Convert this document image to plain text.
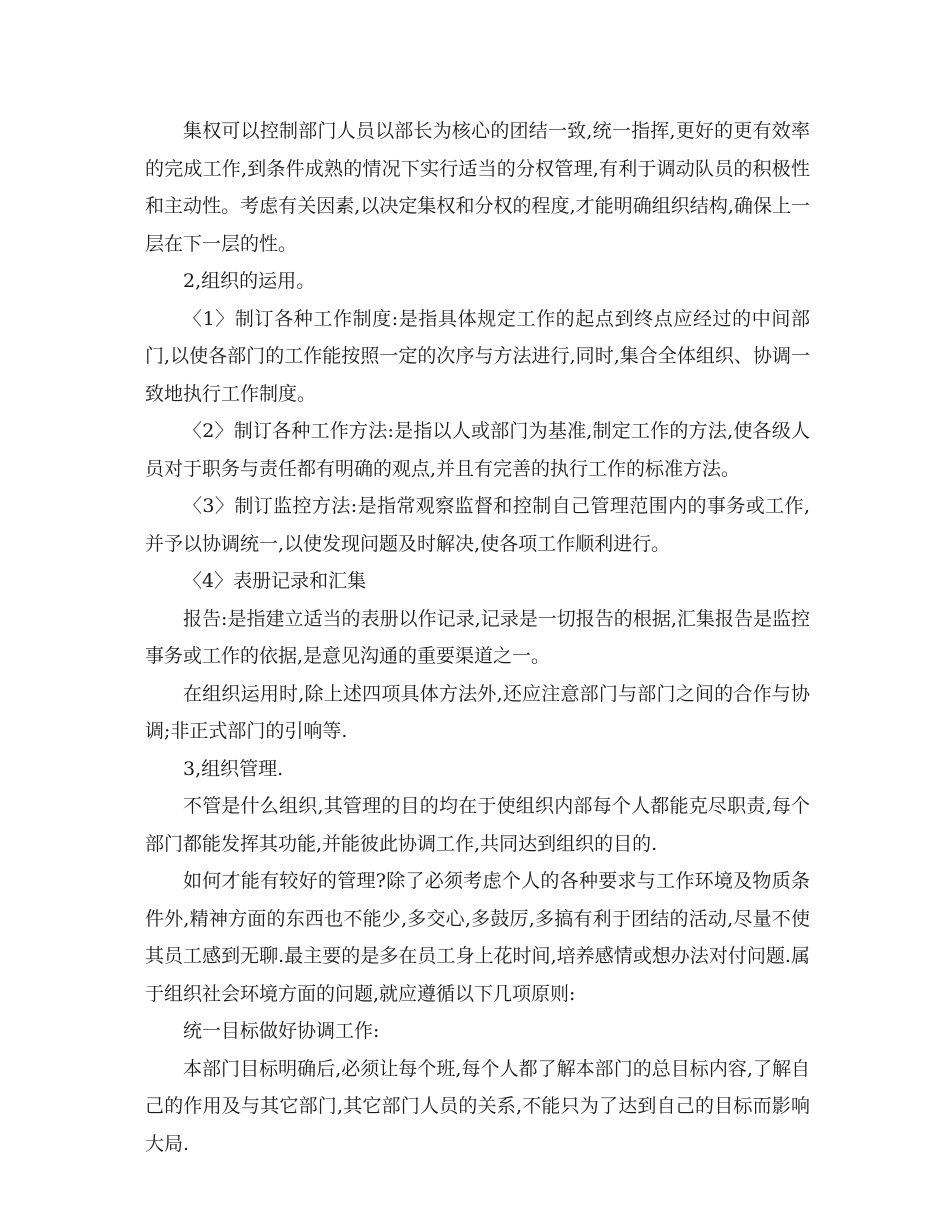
集权可以控制部门人员以部长为核心的团结一致,统一指挥,更好的更有效率的完成工作,到条件成熟的情况下实行适当的分权管理,有利于调动队员的积极性和主动性。考虑有关因素,以决定集权和分权的程度,才能明确组织结构,确保上一层在下一层的性。

2,组织的运用。

〈1〉制订各种工作制度:是指具体规定工作的起点到终点应经过的中间部门,以使各部门的工作能按照一定的次序与方法进行,同时,集合全体组织、协调一致地执行工作制度。

〈2〉制订各种工作方法:是指以人或部门为基准,制定工作的方法,使各级人员对于职务与责任都有明确的观点,并且有完善的执行工作的标准方法。

〈3〉制订监控方法:是指常观察监督和控制自己管理范围内的事务或工作,并予以协调统一,以使发现问题及时解决,使各项工作顺利进行。

〈4〉表册记录和汇集

报告:是指建立适当的表册以作记录,记录是一切报告的根据,汇集报告是监控事务或工作的依据,是意见沟通的重要渠道之一。

在组织运用时,除上述四项具体方法外,还应注意部门与部门之间的合作与协调;非正式部门的引响等.

3,组织管理.

不管是什么组织,其管理的目的均在于使组织内部每个人都能克尽职责,每个部门都能发挥其功能,并能彼此协调工作,共同达到组织的目的.

如何才能有较好的管理?除了必须考虑个人的各种要求与工作环境及物质条件外,精神方面的东西也不能少,多交心,多鼓厉,多搞有利于团结的活动,尽量不使其员工感到无聊.最主要的是多在员工身上花时间,培养感情或想办法对付问题.属于组织社会环境方面的问题,就应遵循以下几项原则:

统一目标做好协调工作:

本部门目标明确后,必须让每个班,每个人都了解本部门的总目标内容,了解自己的作用及与其它部门,其它部门人员的关系,不能只为了达到自己的目标而影响大局.
